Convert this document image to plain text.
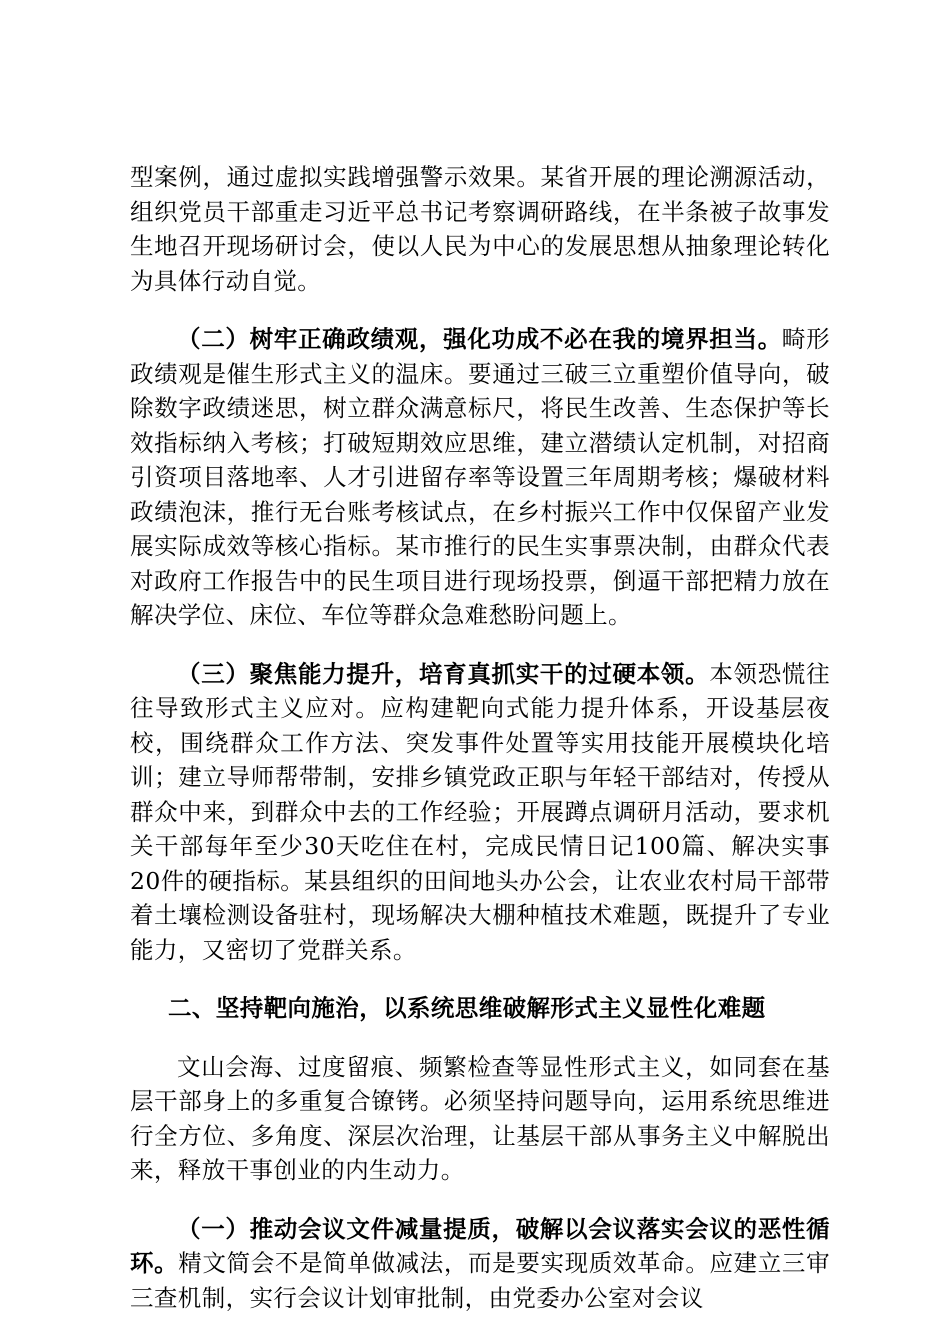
型案例，通过虚拟实践增强警示效果。某省开展的理论溯源活动，组织党员干部重走习近平总书记考察调研路线，在半条被子故事发生地召开现场研讨会，使以人民为中心的发展思想从抽象理论转化为具体行动自觉。

（二）树牢正确政绩观，强化功成不必在我的境界担当。畸形政绩观是催生形式主义的温床。要通过三破三立重塑价值导向，破除数字政绩迷思，树立群众满意标尺，将民生改善、生态保护等长效指标纳入考核；打破短期效应思维，建立潜绩认定机制，对招商引资项目落地率、人才引进留存率等设置三年周期考核；爆破材料政绩泡沫，推行无台账考核试点，在乡村振兴工作中仅保留产业发展实际成效等核心指标。某市推行的民生实事票决制，由群众代表对政府工作报告中的民生项目进行现场投票，倒逼干部把精力放在解决学位、床位、车位等群众急难愁盼问题上。

（三）聚焦能力提升，培育真抓实干的过硬本领。本领恐慌往往导致形式主义应对。应构建靶向式能力提升体系，开设基层夜校，围绕群众工作方法、突发事件处置等实用技能开展模块化培训；建立导师帮带制，安排乡镇党政正职与年轻干部结对，传授从群众中来，到群众中去的工作经验；开展蹲点调研月活动，要求机关干部每年至少30天吃住在村，完成民情日记100篇、解决实事20件的硬指标。某县组织的田间地头办公会，让农业农村局干部带着土壤检测设备驻村，现场解决大棚种植技术难题，既提升了专业能力，又密切了党群关系。

二、坚持靶向施治，以系统思维破解形式主义显性化难题

文山会海、过度留痕、频繁检查等显性形式主义，如同套在基层干部身上的多重复合镣铐。必须坚持问题导向，运用系统思维进行全方位、多角度、深层次治理，让基层干部从事务主义中解脱出来，释放干事创业的内生动力。

（一）推动会议文件减量提质，破解以会议落实会议的恶性循环。精文简会不是简单做减法，而是要实现质效革命。应建立三审三查机制，实行会议计划审批制，由党委办公室对会议
